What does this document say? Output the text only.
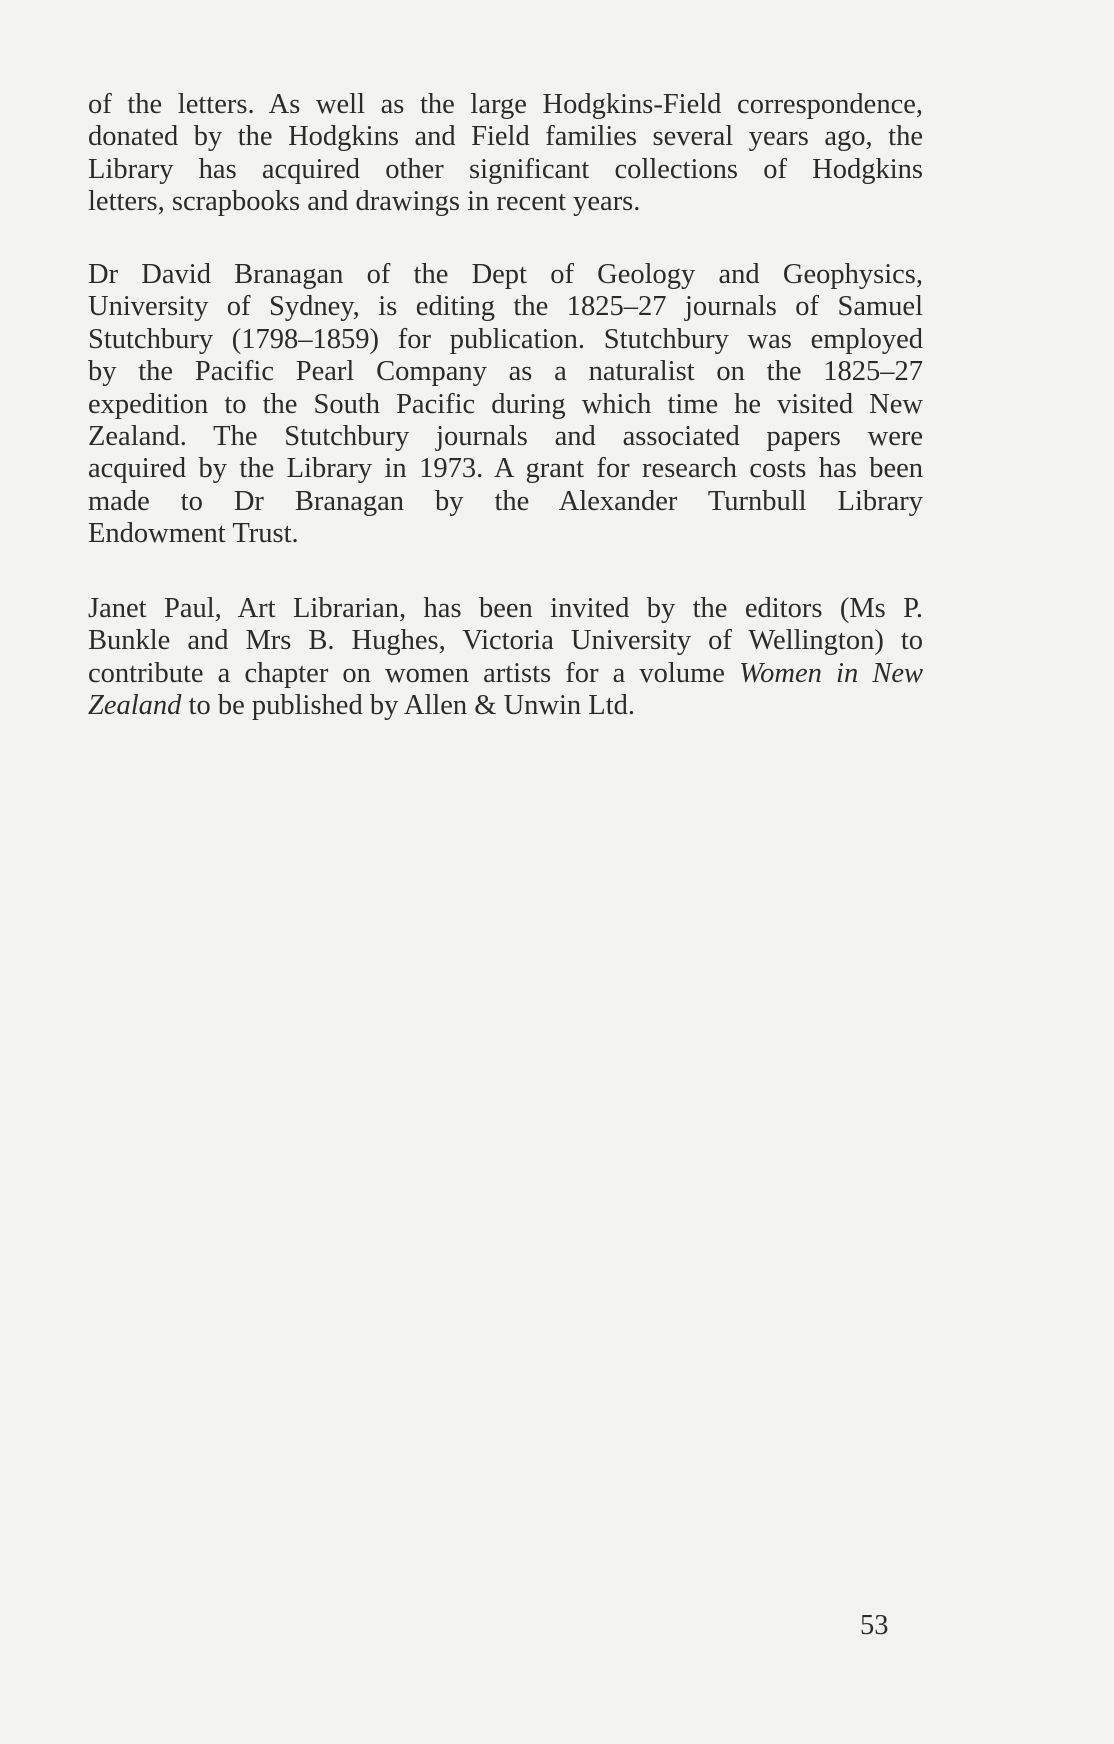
of the letters. As well as the large Hodgkins-Field correspondence,
donated by the Hodgkins and Field families several years ago, the
Library has acquired other significant collections of Hodgkins
letters, scrapbooks and drawings in recent years.
Dr David Branagan of the Dept of Geology and Geophysics,
University of Sydney, is editing the 1825–27 journals of Samuel
Stutchbury (1798–1859) for publication. Stutchbury was employed
by the Pacific Pearl Company as a naturalist on the 1825–27
expedition to the South Pacific during which time he visited New
Zealand. The Stutchbury journals and associated papers were
acquired by the Library in 1973. A grant for research costs has been
made to Dr Branagan by the Alexander Turnbull Library
Endowment Trust.
Janet Paul, Art Librarian, has been invited by the editors (Ms P.
Bunkle and Mrs B. Hughes, Victoria University of Wellington) to
contribute a chapter on women artists for a volume Women in New
Zealand to be published by Allen & Unwin Ltd.
53
